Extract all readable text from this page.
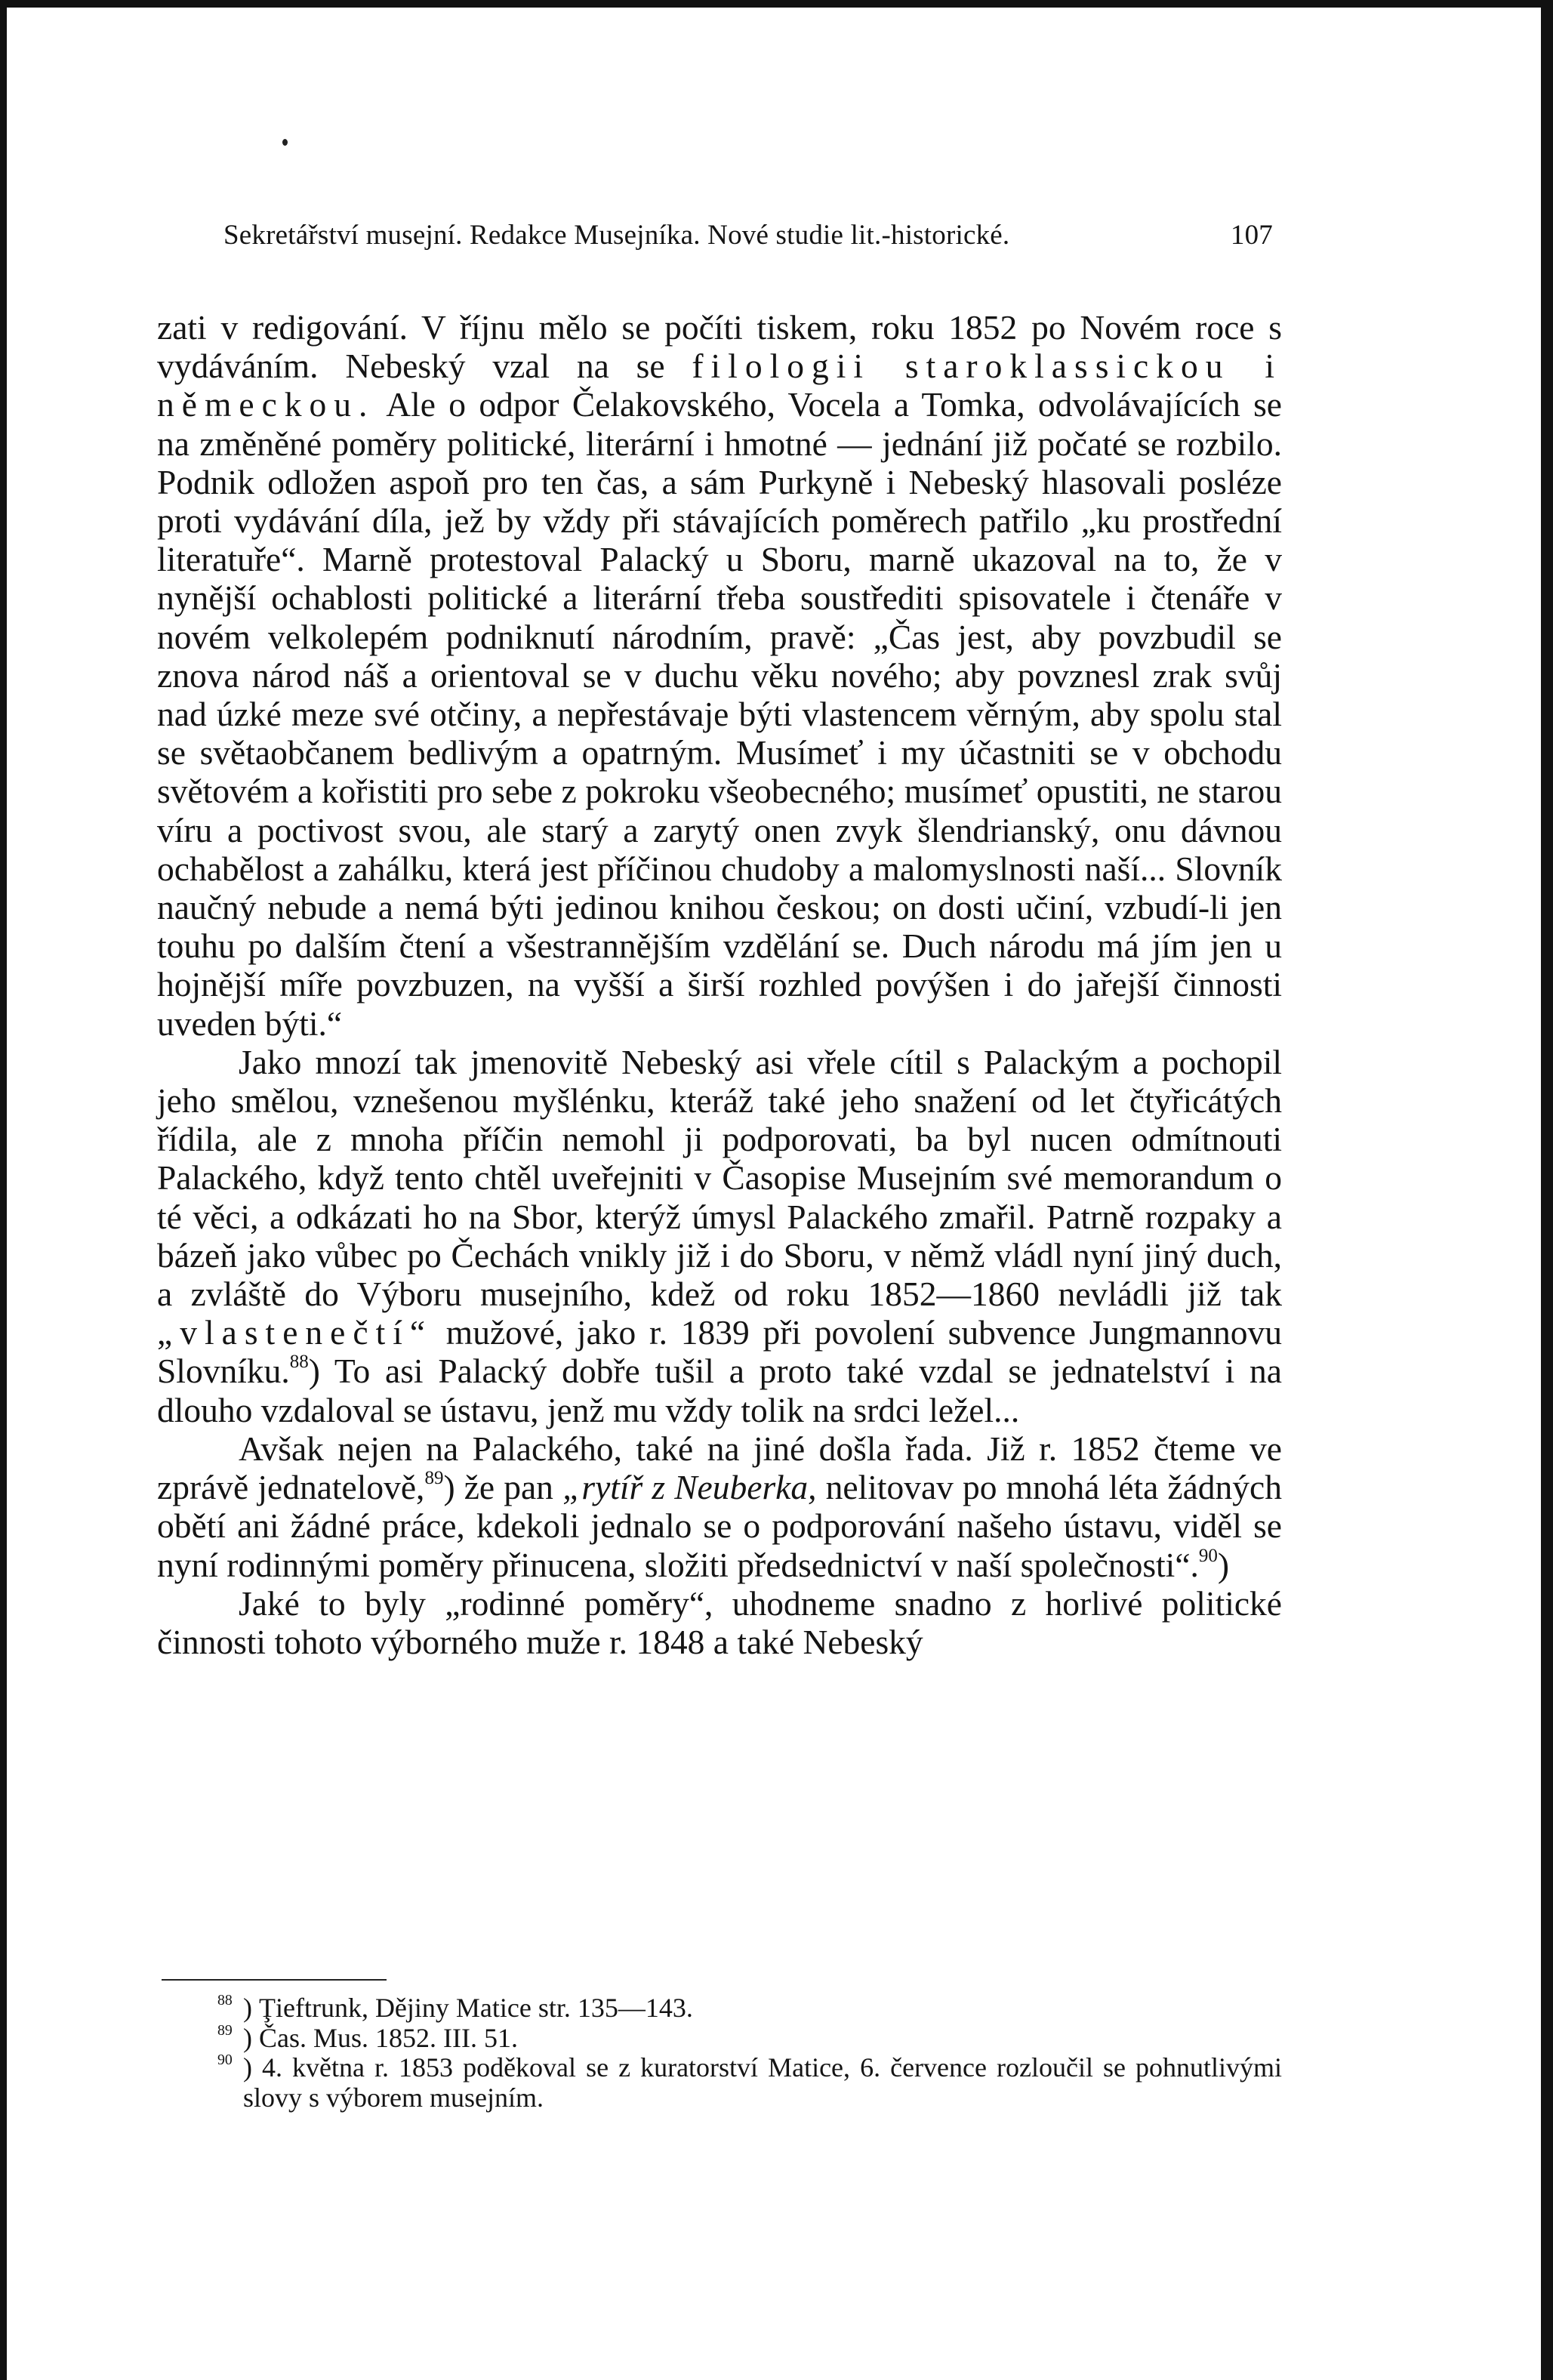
Sekretářství musejní. Redakce Musejníka. Nové studie lit.-historické.	107

zati v redigování. V říjnu mělo se počíti tiskem, roku 1852 po Novém roce s vydáváním. Nebeský vzal na se filologii staroklassickou i německou. Ale o odpor Čelakovského, Vocela a Tomka, odvolávajících se na změněné poměry politické, literární i hmotné — jednání již počaté se rozbilo. Podnik odložen aspoň pro ten čas, a sám Purkyně i Nebeský hlasovali posléze proti vydávání díla, jež by vždy při stávajících poměrech patřilo „ku prostřední literatuře“. Marně protestoval Palacký u Sboru, marně ukazoval na to, že v nynější ochablosti politické a literární třeba soustřediti spisovatele i čtenáře v novém velkolepém podniknutí národním, pravě: „Čas jest, aby povzbudil se znova národ náš a orientoval se v duchu věku nového; aby povznesl zrak svůj nad úzké meze své otčiny, a nepřestávaje býti vlastencem věrným, aby spolu stal se světaobčanem bedlivým a opatrným. Musímeť i my účastniti se v obchodu světovém a kořistiti pro sebe z pokroku všeobecného; musímeť opustiti, ne starou víru a poctivost svou, ale starý a zarytý onen zvyk šlendrianský, onu dávnou ochabělost a zahálku, která jest příčinou chudoby a malomyslnosti naší... Slovník naučný nebude a nemá býti jedinou knihou českou; on dosti učiní, vzbudí-li jen touhu po dalším čtení a všestrannějším vzdělání se. Duch národu má jím jen u hojnější míře povzbuzen, na vyšší a širší rozhled povýšen i do jařejší činnosti uveden býti.“

Jako mnozí tak jmenovitě Nebeský asi vřele cítil s Palackým a pochopil jeho smělou, vznešenou myšlénku, kteráž také jeho snažení od let čtyřicátých řídila, ale z mnoha příčin nemohl ji podporovati, ba byl nucen odmítnouti Palackého, když tento chtěl uveřejniti v Časopise Musejním své memorandum o té věci, a odkázati ho na Sbor, kterýž úmysl Palackého zmařil. Patrně rozpaky a bázeň jako vůbec po Čechách vnikly již i do Sboru, v němž vládl nyní jiný duch, a zvláště do Výboru musejního, kdež od roku 1852—1860 nevládli již tak „vlastenečtí“ mužové, jako r. 1839 při povolení subvence Jungmannovu Slovníku.$^{88}$) To asi Palacký dobře tušil a proto také vzdal se jednatelství i na dlouho vzdaloval se ústavu, jenž mu vždy tolik na srdci ležel...

Avšak nejen na Palackého, také na jiné došla řada. Již r. 1852 čteme ve zprávě jednatelově,$^{89}$) že pan „rytíř z Neuberka, nelitovav po mnohá léta žádných obětí ani žádné práce, kdekoli jednalo se o podporování našeho ústavu, viděl se nyní rodinnými poměry přinucena, složiti předsednictví v naší společnosti“.$^{90}$)

Jaké to byly „rodinné poměry“, uhodneme snadno z horlivé politické činnosti tohoto výborného muže r. 1848 a také Nebeský

$^{88}$ ) Ţieftrunk, Dějiny Matice str. 135—143.

$^{89}$ ) Čas. Mus. 1852. III. 51.

$^{90}$ ) 4. května r. 1853 poděkoval se z kuratorství Matice, 6. července rozloučil se pohnutlivými slovy s výborem musejním.
